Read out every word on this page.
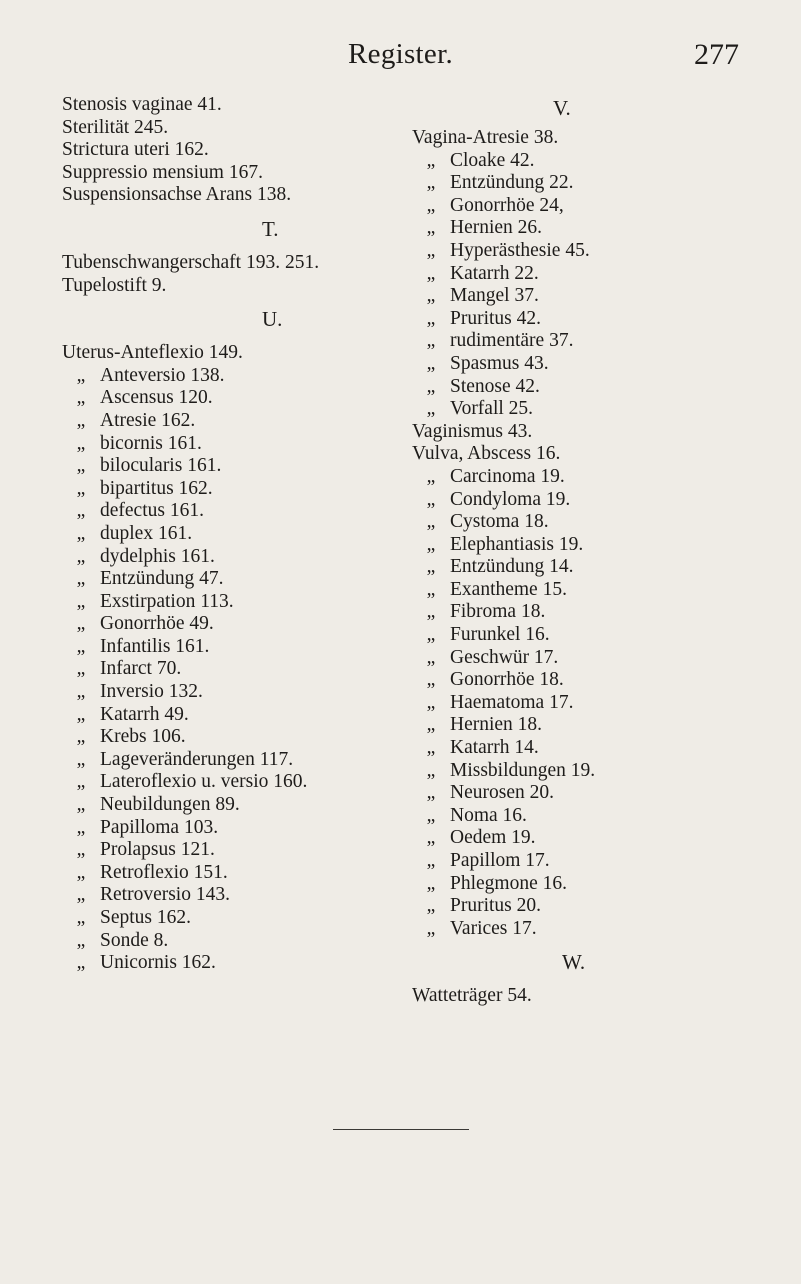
Register.	277
Stenosis vaginae 41.
Sterilität 245.
Strictura uteri 162.
Suppressio mensium 167.
Suspensionsachse Arans 138.
T.
Tubenschwangerschaft 193. 251.
Tupelostift 9.
U.
Uterus-Anteflexio 149.
„ Anteversio 138.
„ Ascensus 120.
„ Atresie 162.
„ bicornis 161.
„ bilocularis 161.
„ bipartitus 162.
„ defectus 161.
„ duplex 161.
„ dydelphis 161.
„ Entzündung 47.
„ Exstirpation 113.
„ Gonorrhöe 49.
„ Infantilis 161.
„ Infarct 70.
„ Inversio 132.
„ Katarrh 49.
„ Krebs 106.
„ Lageveränderungen 117.
„ Lateroflexio u. versio 160.
„ Neubildungen 89.
„ Papilloma 103.
„ Prolapsus 121.
„ Retroflexio 151.
„ Retroversio 143.
„ Septus 162.
„ Sonde 8.
„ Unicornis 162.
V.
Vagina-Atresie 38.
„ Cloake 42.
„ Entzündung 22.
„ Gonorrhöe 24,
„ Hernien 26.
„ Hyperästhesie 45.
„ Katarrh 22.
„ Mangel 37.
„ Pruritus 42.
„ rudimentäre 37.
„ Spasmus 43.
„ Stenose 42.
„ Vorfall 25.
Vaginismus 43.
Vulva, Abscess 16.
„ Carcinoma 19.
„ Condyloma 19.
„ Cystoma 18.
„ Elephantiasis 19.
„ Entzündung 14.
„ Exantheme 15.
„ Fibroma 18.
„ Furunkel 16.
„ Geschwür 17.
„ Gonorrhöe 18.
„ Haematoma 17.
„ Hernien 18.
„ Katarrh 14.
„ Missbildungen 19.
„ Neurosen 20.
„ Noma 16.
„ Oedem 19.
„ Papillom 17.
„ Phlegmone 16.
„ Pruritus 20.
„ Varices 17.
W.
Watteträger 54.
